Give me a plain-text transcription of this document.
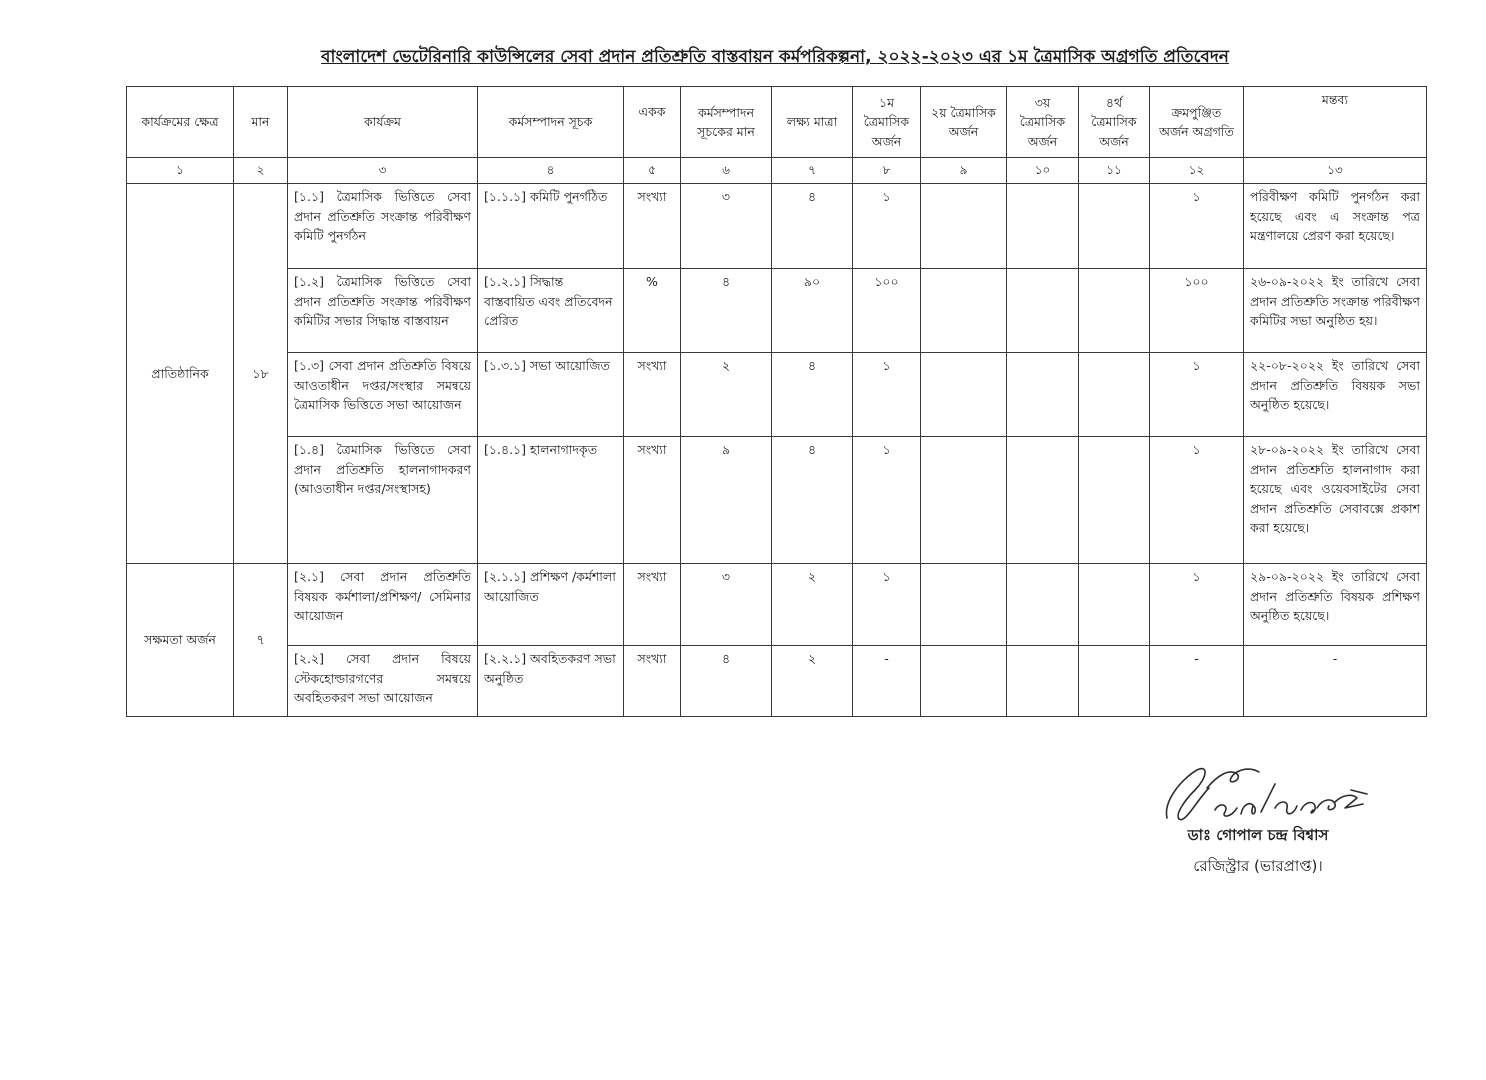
বাংলাদেশ ভেটেরিনারি কাউন্সিলের সেবা প্রদান প্রতিশ্রুতি বাস্তবায়ন কর্মপরিকল্পনা, ২০২২-২০২৩ এর ১ম ত্রৈমাসিক অগ্রগতি প্রতিবেদন
কার্যক্রমের ক্ষেত্র	মান	কার্যক্রম	কর্মসম্পাদন সূচক	একক	কর্মসম্পাদন সূচকের মান	লক্ষ্য মাত্রা	১ম ত্রৈমাসিক অর্জন	২য় ত্রৈমাসিক অর্জন	৩য় ত্রৈমাসিক অর্জন	৪র্থ ত্রৈমাসিক অর্জন	ক্রমপুঞ্জিত অর্জন অগ্রগতি	মন্তব্য

১	২	৩	৪	৫	৬	৭	৮	৯	১০	১১	১২	১৩

প্রাতিষ্ঠানিক	১৮	[১.১] ত্রৈমাসিক ভিত্তিতে সেবা প্রদান প্রতিশ্রুতি সংক্রান্ত পরিবীক্ষণ কমিটি পুনর্গঠন	[১.১.১] কমিটি পুনর্গঠিত	সংখ্যা	৩	৪	১				১	পরিবীক্ষণ কমিটি পুনর্গঠন করা হয়েছে এবং এ সংক্রান্ত পত্র মন্ত্রণালয়ে প্রেরণ করা হয়েছে।

		[১.২] ত্রৈমাসিক ভিত্তিতে সেবা প্রদান প্রতিশ্রুতি সংক্রান্ত পরিবীক্ষণ কমিটির সভার সিদ্ধান্ত বাস্তবায়ন	[১.২.১] সিদ্ধান্ত বাস্তবায়িত এবং প্রতিবেদন প্রেরিত	%	৪	৯০	১০০				১০০	২৬-০৯-২০২২ ইং তারিখে সেবা প্রদান প্রতিশ্রুতি সংক্রান্ত পরিবীক্ষণ কমিটির সভা অনুষ্ঠিত হয়।

		[১.৩] সেবা প্রদান প্রতিশ্রুতি বিষয়ে আওতাধীন দপ্তর/সংস্থার সমন্বয়ে ত্রৈমাসিক ভিত্তিতে সভা আয়োজন	[১.৩.১] সভা আয়োজিত	সংখ্যা	২	৪	১				১	২২-০৮-২০২২ ইং তারিখে সেবা প্রদান প্রতিশ্রুতি বিষয়ক সভা অনুষ্ঠিত হয়েছে।

		[১.৪] ত্রৈমাসিক ভিত্তিতে সেবা প্রদান প্রতিশ্রুতি হালনাগাদকরণ (আওতাধীন দপ্তর/সংস্থাসহ)	[১.৪.১] হালনাগাদকৃত	সংখ্যা	৯	৪	১				১	২৮-০৯-২০২২ ইং তারিখে সেবা প্রদান প্রতিশ্রুতি হালনাগাদ করা হয়েছে এবং ওয়েবসাইটের সেবা প্রদান প্রতিশ্রুতি সেবাবক্সে প্রকাশ করা হয়েছে।

সক্ষমতা অর্জন	৭	[২.১] সেবা প্রদান প্রতিশ্রুতি বিষয়ক কর্মশালা/প্রশিক্ষণ/ সেমিনার আয়োজন	[২.১.১] প্রশিক্ষণ /কর্মশালা আয়োজিত	সংখ্যা	৩	২	১				১	২৯-০৯-২০২২ ইং তারিখে সেবা প্রদান প্রতিশ্রুতি বিষয়ক প্রশিক্ষণ অনুষ্ঠিত হয়েছে।

		[২.২] সেবা প্রদান বিষয়ে স্টেকহোল্ডারগণের সমন্বয়ে অবহিতকরণ সভা আয়োজন	[২.২.১] অবহিতকরণ সভা অনুষ্ঠিত	সংখ্যা	৪	২	-				-	-
ডাঃ গোপাল চন্দ্র বিশ্বাস
রেজিস্ট্রার (ভারপ্রাপ্ত)।
